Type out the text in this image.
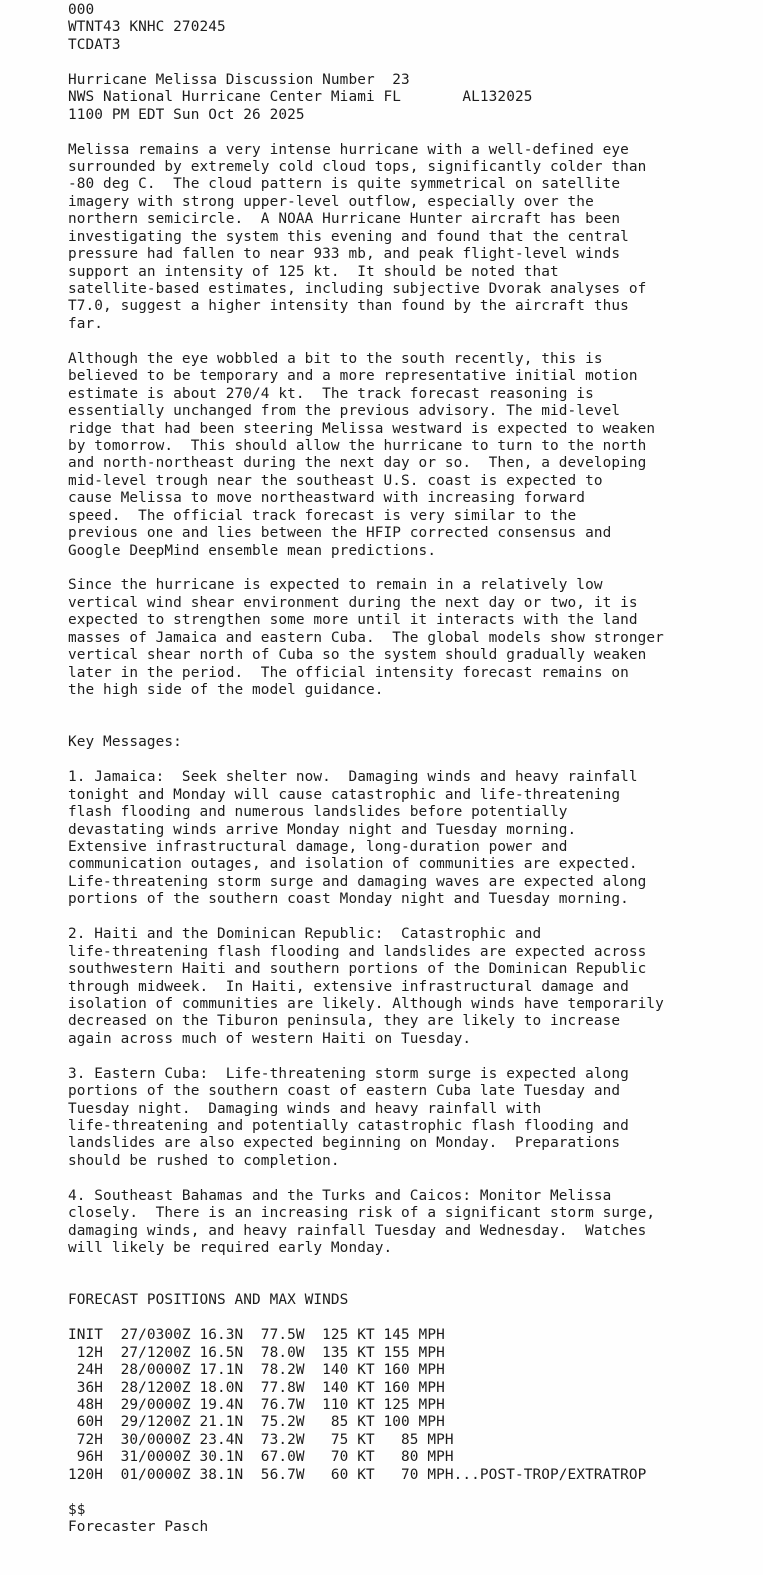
000
WTNT43 KNHC 270245
TCDAT3
Hurricane Melissa Discussion Number  23
NWS National Hurricane Center Miami FL       AL132025
1100 PM EDT Sun Oct 26 2025
Melissa remains a very intense hurricane with a well-defined eye
surrounded by extremely cold cloud tops, significantly colder than
-80 deg C.  The cloud pattern is quite symmetrical on satellite
imagery with strong upper-level outflow, especially over the
northern semicircle.  A NOAA Hurricane Hunter aircraft has been
investigating the system this evening and found that the central
pressure had fallen to near 933 mb, and peak flight-level winds
support an intensity of 125 kt.  It should be noted that
satellite-based estimates, including subjective Dvorak analyses of
T7.0, suggest a higher intensity than found by the aircraft thus
far.
Although the eye wobbled a bit to the south recently, this is
believed to be temporary and a more representative initial motion
estimate is about 270/4 kt.  The track forecast reasoning is
essentially unchanged from the previous advisory. The mid-level
ridge that had been steering Melissa westward is expected to weaken
by tomorrow.  This should allow the hurricane to turn to the north
and north-northeast during the next day or so.  Then, a developing
mid-level trough near the southeast U.S. coast is expected to
cause Melissa to move northeastward with increasing forward
speed.  The official track forecast is very similar to the
previous one and lies between the HFIP corrected consensus and
Google DeepMind ensemble mean predictions.
Since the hurricane is expected to remain in a relatively low
vertical wind shear environment during the next day or two, it is
expected to strengthen some more until it interacts with the land
masses of Jamaica and eastern Cuba.  The global models show stronger
vertical shear north of Cuba so the system should gradually weaken
later in the period.  The official intensity forecast remains on
the high side of the model guidance.
Key Messages:
1. Jamaica:  Seek shelter now.  Damaging winds and heavy rainfall
tonight and Monday will cause catastrophic and life-threatening
flash flooding and numerous landslides before potentially
devastating winds arrive Monday night and Tuesday morning.
Extensive infrastructural damage, long-duration power and
communication outages, and isolation of communities are expected.
Life-threatening storm surge and damaging waves are expected along
portions of the southern coast Monday night and Tuesday morning.
2. Haiti and the Dominican Republic:  Catastrophic and
life-threatening flash flooding and landslides are expected across
southwestern Haiti and southern portions of the Dominican Republic
through midweek.  In Haiti, extensive infrastructural damage and
isolation of communities are likely. Although winds have temporarily
decreased on the Tiburon peninsula, they are likely to increase
again across much of western Haiti on Tuesday.
3. Eastern Cuba:  Life-threatening storm surge is expected along
portions of the southern coast of eastern Cuba late Tuesday and
Tuesday night.  Damaging winds and heavy rainfall with
life-threatening and potentially catastrophic flash flooding and
landslides are also expected beginning on Monday.  Preparations
should be rushed to completion.
4. Southeast Bahamas and the Turks and Caicos: Monitor Melissa
closely.  There is an increasing risk of a significant storm surge,
damaging winds, and heavy rainfall Tuesday and Wednesday.  Watches
will likely be required early Monday.
FORECAST POSITIONS AND MAX WINDS
INIT  27/0300Z 16.3N  77.5W  125 KT 145 MPH
12H  27/1200Z 16.5N  78.0W  135 KT 155 MPH
24H  28/0000Z 17.1N  78.2W  140 KT 160 MPH
36H  28/1200Z 18.0N  77.8W  140 KT 160 MPH
48H  29/0000Z 19.4N  76.7W  110 KT 125 MPH
60H  29/1200Z 21.1N  75.2W   85 KT 100 MPH
72H  30/0000Z 23.4N  73.2W   75 KT   85 MPH
96H  31/0000Z 30.1N  67.0W   70 KT   80 MPH
120H  01/0000Z 38.1N  56.7W   60 KT   70 MPH...POST-TROP/EXTRATROP
$$
Forecaster Pasch
